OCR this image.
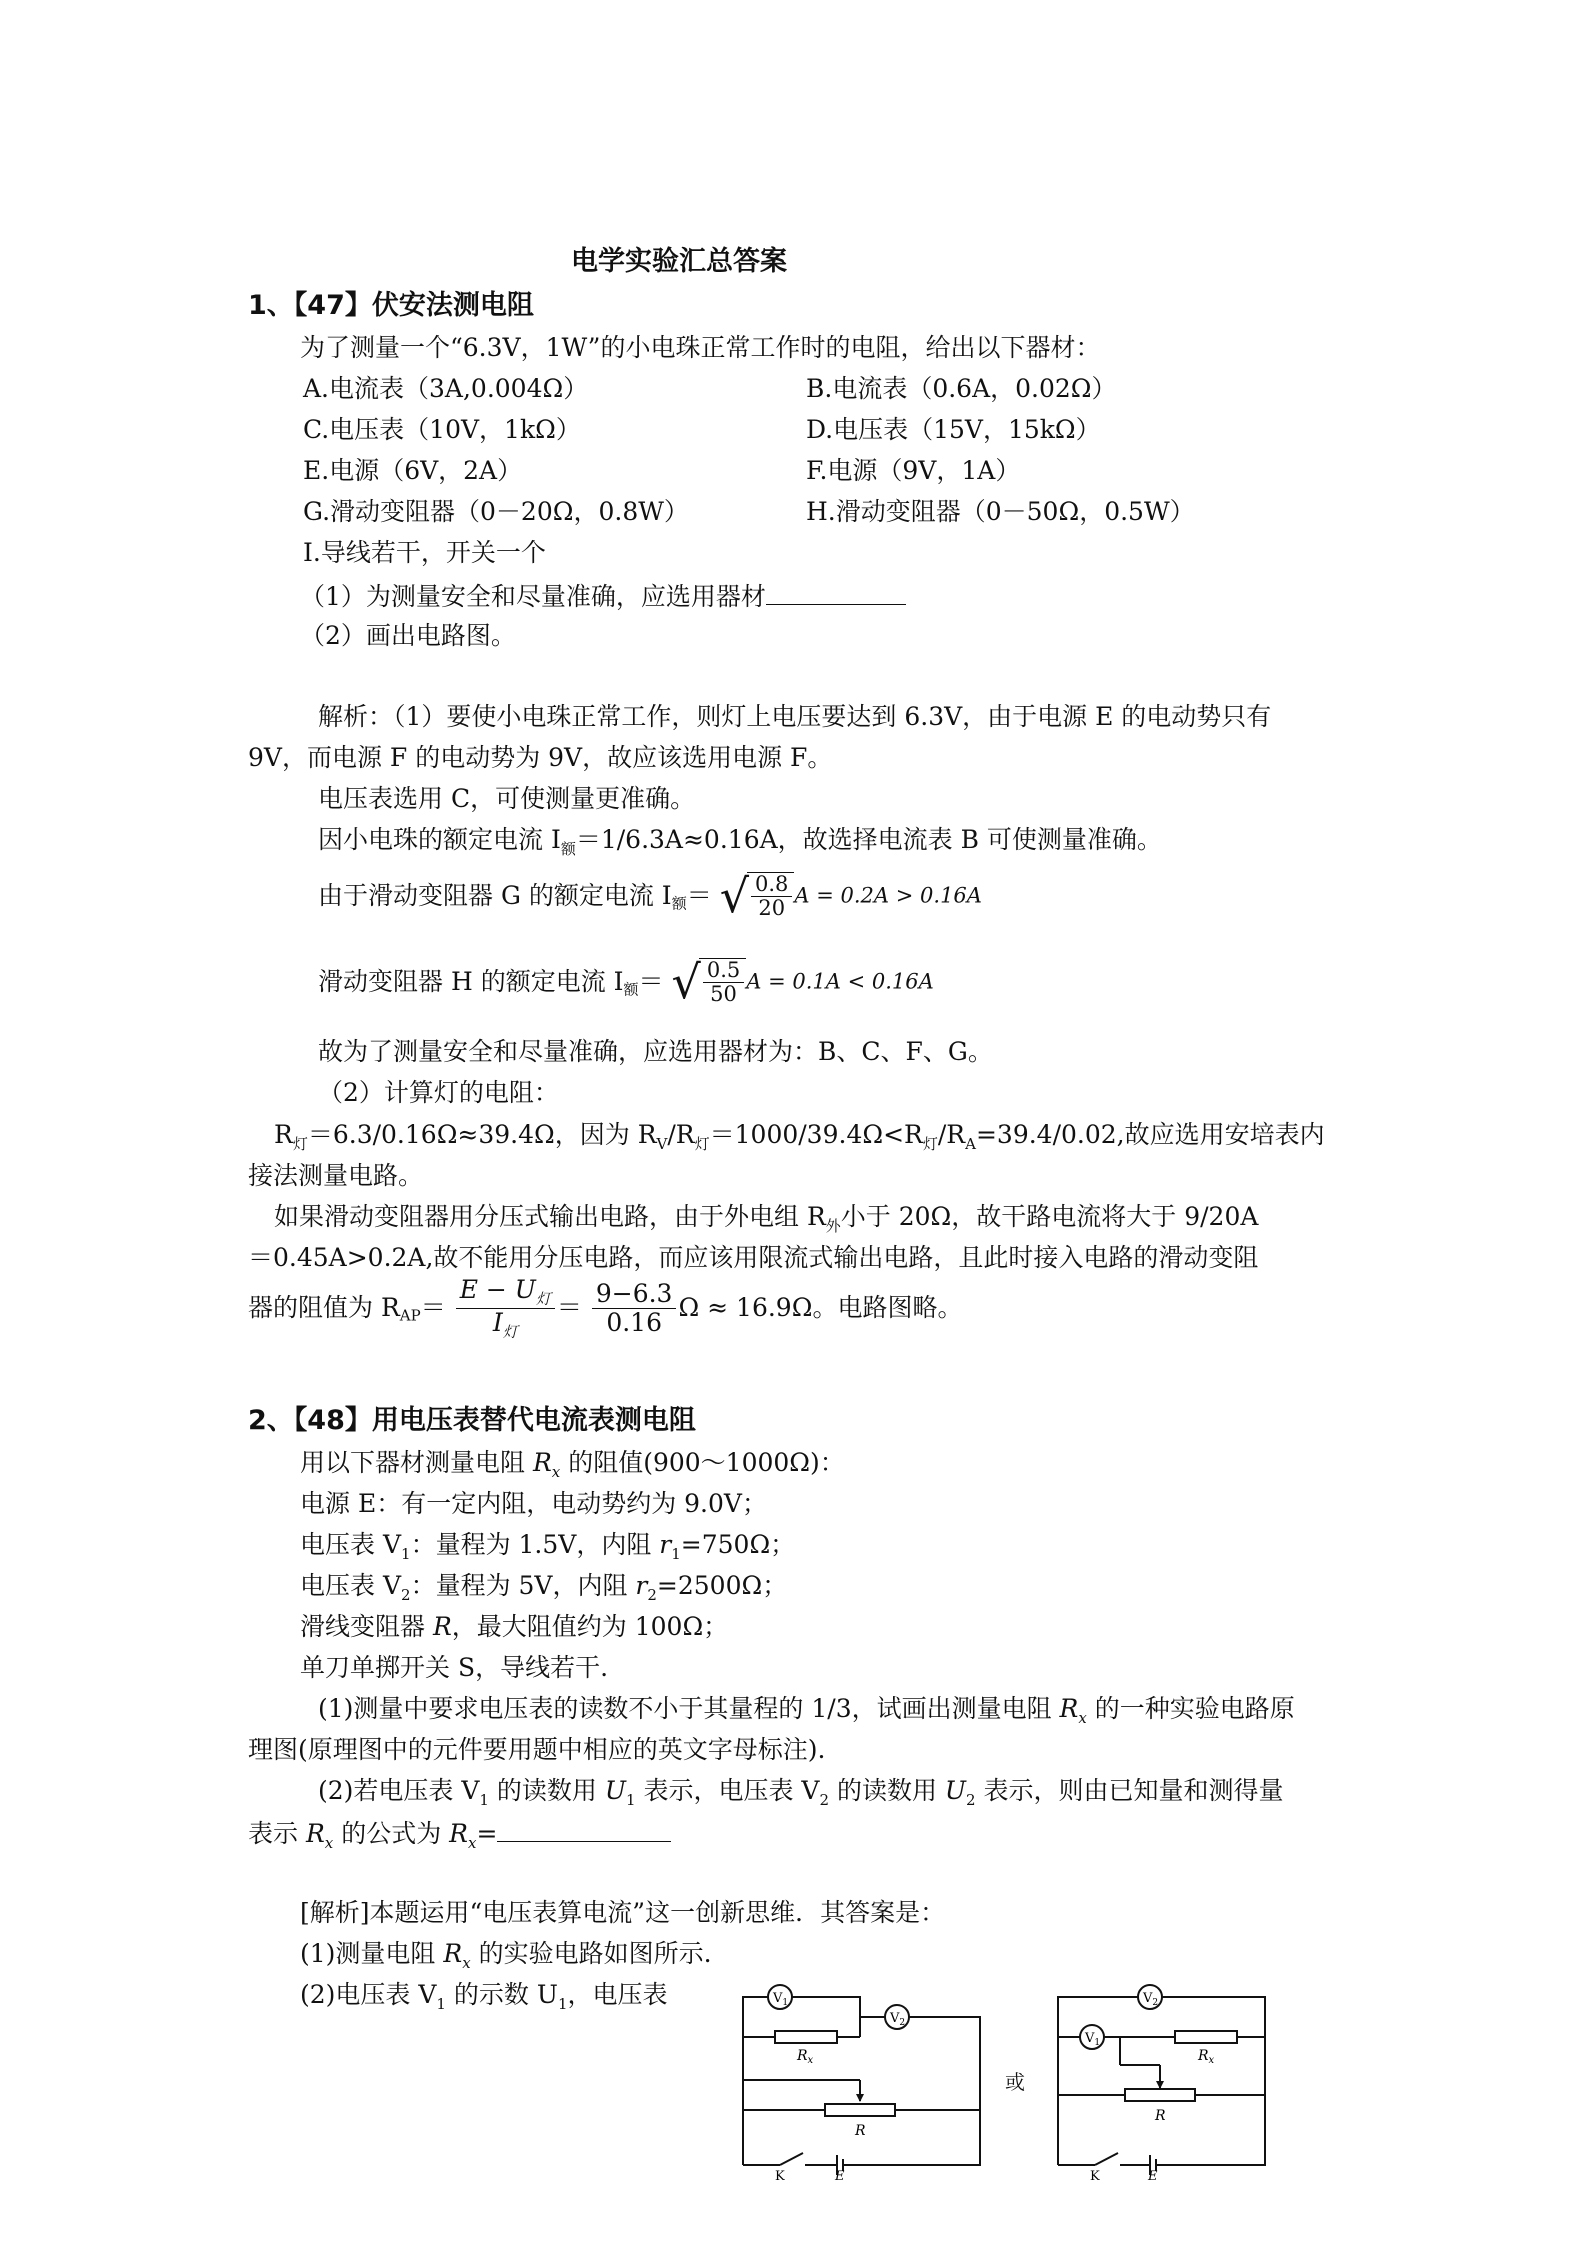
电学实验汇总答案
1、【47】伏安法测电阻
为了测量一个“6.3V，1W”的小电珠正常工作时的电阻，给出以下器材：
A.电流表（3A,0.004Ω）	B.电流表（0.6A，0.02Ω）
C.电压表（10V，1kΩ）	D.电压表（15V，15kΩ）
E.电源（6V，2A）	F.电源（9V，1A）
G.滑动变阻器（0－20Ω，0.8W）	H.滑动变阻器（0－50Ω，0.5W）
I.导线若干，开关一个
（1）为测量安全和尽量准确，应选用器材
（2）画出电路图。
解析：（1）要使小电珠正常工作，则灯上电压要达到 6.3V，由于电源 E 的电动势只有
9V，而电源 F 的电动势为 9V，故应该选用电源 F。
电压表选用 C，可使测量更准确。
因小电珠的额定电流 $I_额=1/6.3A\approx 0.16A$，故选择电流表 B 可使测量准确。
由于滑动变阻器 G 的额定电流 $I_额=$ √ $\frac{0.8}{20}$ A = 0.2A > 0.16A
滑动变阻器 H 的额定电流 $I_额=$ √ $\frac{0.5}{50}$ A = 0.1A < 0.16A
故为了测量安全和尽量准确，应选用器材为：B、C、F、G。
（2）计算灯的电阻：
$R_灯=6.3/0.16\Omega\approx 39.4\Omega$，因为 $R_V/R_灯=1000/39.4\Omega<R_灯/R_A=39.4/0.02$,故应选用安培表内
接法测量电路。
如果滑动变阻器用分压式输出电路，由于外电组 $R_外$小于 20Ω，故干路电流将大于 9/20A
＝0.45A>0.2A,故不能用分压电路，而应该用限流式输出电路，且此时接入电路的滑动变阻
器的阻值为 $R_{AP}= \frac{E - U_灯}{I_灯} = \frac{9-6.3}{0.16}$ Ω ≈ 16.9Ω。电路图略。
2、【48】用电压表替代电流表测电阻
用以下器材测量电阻 $R_x$ 的阻值(900～1000Ω)：
电源 E：有一定内阻，电动势约为 9.0V；
电压表 $V_1$：量程为 1.5V，内阻 $r_1=750\Omega$；
电压表 $V_2$：量程为 5V，内阻 $r_2=2500\Omega$；
滑线变阻器 R，最大阻值约为 100Ω；
单刀单掷开关 S，导线若干.
(1)测量中要求电压表的读数不小于其量程的 1/3，试画出测量电阻 $R_x$ 的一种实验电路原
理图(原理图中的元件要用题中相应的英文字母标注).
(2)若电压表 $V_1$ 的读数用 $U_1$ 表示，电压表 $V_2$ 的读数用 $U_2$ 表示，则由已知量和测得量
表示 $R_x$ 的公式为 $R_x=$
[解析]本题运用“电压表算电流”这一创新思维．其答案是：
(1)测量电阻 $R_x$ 的实验电路如图所示.
(2)电压表 $V_1$ 的示数 $U_1$，电压表	$V_1$
$V_2$
$R_x$
R
K	E
或
$V_2$
$V_1$
$R_x$
R
K	E
